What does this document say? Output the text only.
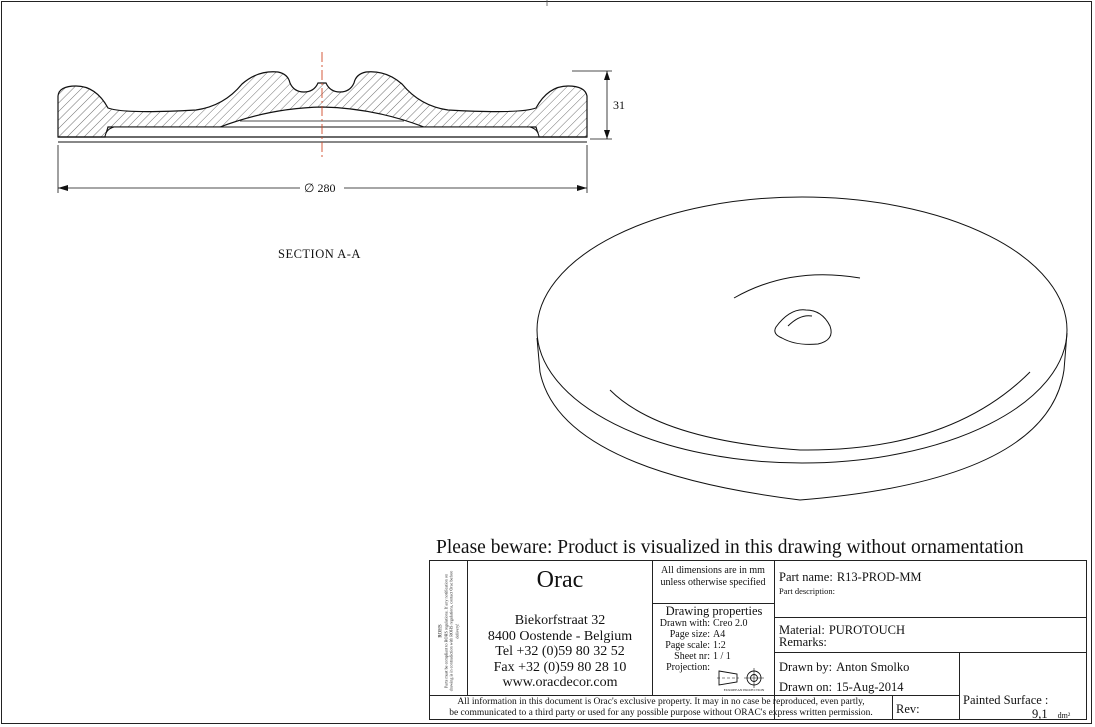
SECTION A-A
31
∅ 280
Please beware: Product is visualized in this drawing without ornamentation
ROHS Parts must be compliant to ROHS regulations. If any notification on drawing is in contradiction with ROHS regulations, contact Orac before delivery!
Orac
Biekorfstraat 32
8400 Oostende - Belgium
Tel +32 (0)59 80 32 52
Fax +32 (0)59 80 28 10
www.oracdecor.com
All dimensions are in mm unless otherwise specified
Drawing properties
Drawn with: Creo 2.0
Page size: A4
Page scale: 1:2
Sheet nr: 1 / 1
Projection:
EUROPEAN PROJECTION
Part name: R13-PROD-MM
Part description:
Material: PUROTOUCH
Remarks:
Drawn by: Anton Smolko
Drawn on: 15-Aug-2014
Painted Surface :
9,1 dm²
Rev:
All information in this document is Orac's exclusive property. It may in no case be reproduced, even partly,
be communicated to a third party or used for any possible purpose without ORAC's express written permission.
